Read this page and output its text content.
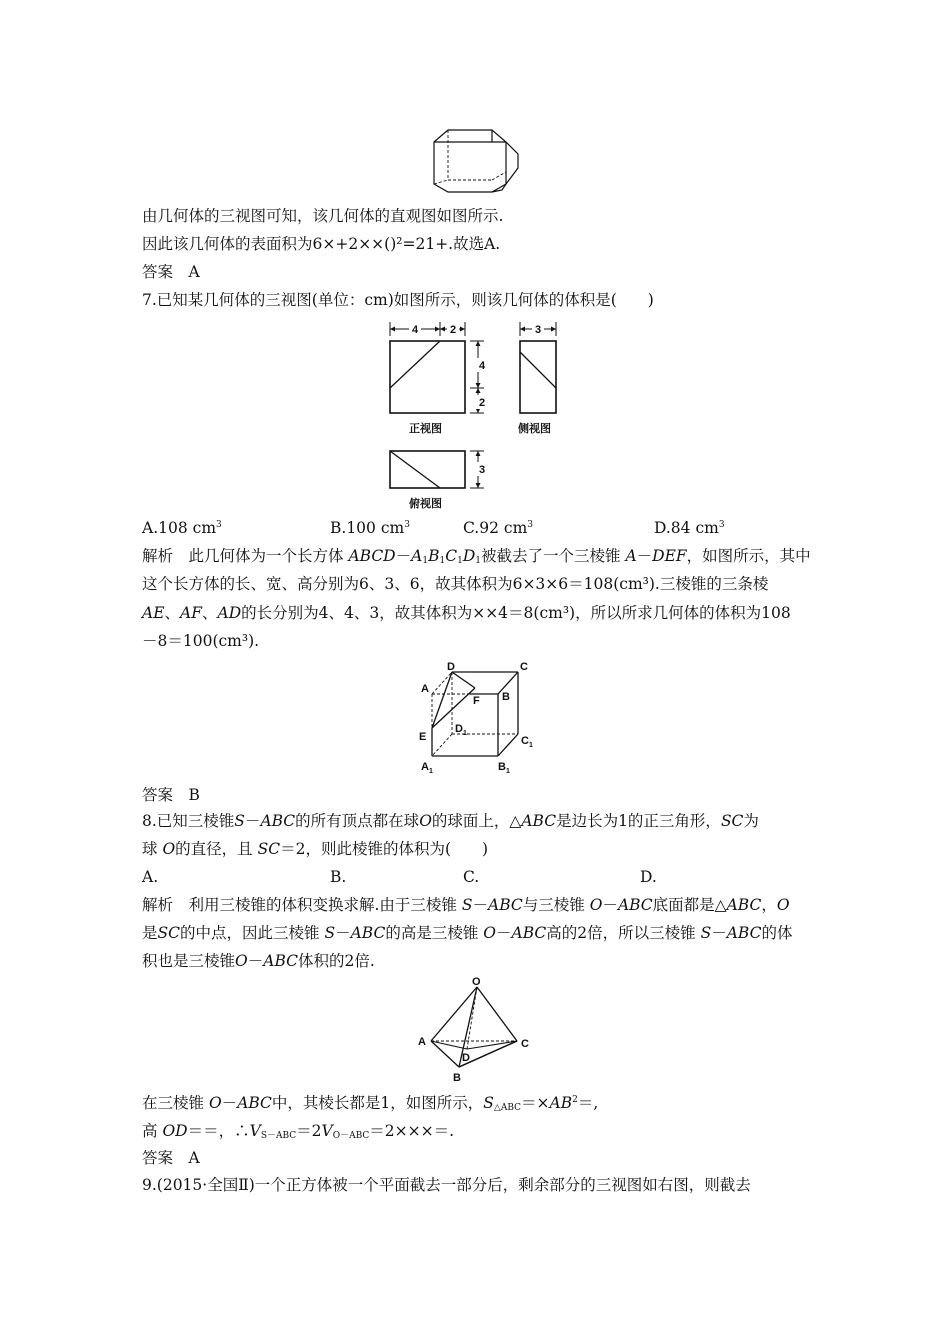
由几何体的三视图可知，该几何体的直观图如图所示.
因此该几何体的表面积为6×+2××()²=21+.故选A.
答案　A
7.已知某几何体的三视图(单位：cm)如图所示，则该几何体的体积是(　　)
4	2	3
4
2
3
正视图	侧视图
俯视图
A.108 $cm^3$	B.100 $cm^3$	C.92 $cm^3$	D.84 $cm^3$
解析　此几何体为一个长方体 $ABCD-A_1B_1C_1D_1$被截去了一个三棱锥 A－DEF，如图所示，其中
这个长方体的长、宽、高分别为6、3、6，故其体积为6×3×6＝108(cm³).三棱锥的三条棱
AE、AF、AD的长分别为4、4、3，故其体积为××4＝8(cm³)，所以所求几何体的体积为108
－8＝100(cm³).
D	C
A
F B
E
$D_1$
$C_1$
$A_1$	$B_1$
答案　B
8.已知三棱锥S－ABC的所有顶点都在球O的球面上，△ABC是边长为1的正三角形，SC为
球 O的直径，且 SC＝2，则此棱锥的体积为(　　)
A.	B.	C.	D.
解析　利用三棱锥的体积变换求解.由于三棱锥 S－ABC与三棱锥 O－ABC底面都是△ABC，O
是SC的中点，因此三棱锥 S－ABC的高是三棱锥 O－ABC高的2倍，所以三棱锥 S－ABC的体
积也是三棱锥O－ABC体积的2倍.
O
A	C
D
B
在三棱锥 O－ABC中，其棱长都是1，如图所示，$S_{\triangle ABC}=\times AB^2=$,
高 OD＝＝，$\therefore V_{S-ABC}=2V_{O-ABC}=2\times\times\times=$.
答案　A
9.(2015·全国Ⅱ)一个正方体被一个平面截去一部分后，剩余部分的三视图如右图，则截去
